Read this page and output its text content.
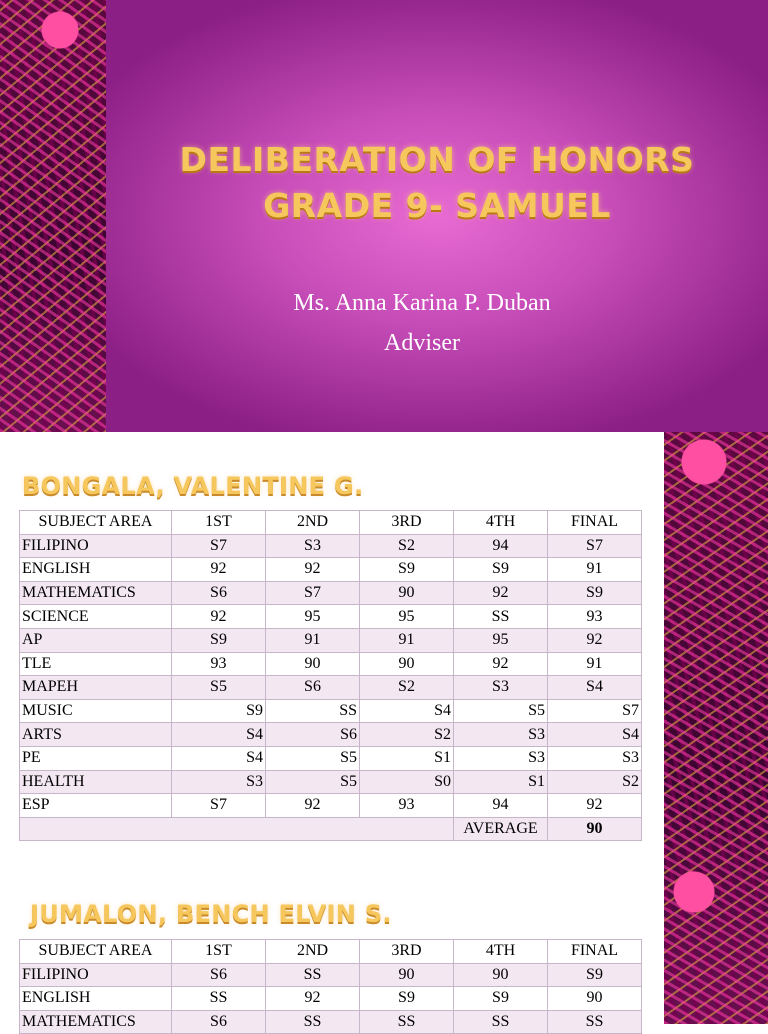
DELIBERATION OF HONORS
GRADE 9- SAMUEL
Ms. Anna Karina P. Duban
Adviser
BONGALA, VALENTINE G.
SUBJECT AREA	1ST	2ND	3RD	4TH	FINAL
FILIPINO	S7	S3	S2	94	S7
ENGLISH	92	92	S9	S9	91
MATHEMATICS	S6	S7	90	92	S9
SCIENCE	92	95	95	SS	93
AP	S9	91	91	95	92
TLE	93	90	90	92	91
MAPEH	S5	S6	S2	S3	S4
MUSIC	S9	SS	S4	S5	S7
ARTS	S4	S6	S2	S3	S4
PE	S4	S5	S1	S3	S3
HEALTH	S3	S5	S0	S1	S2
ESP	S7	92	93	94	92
				AVERAGE	90
JUMALON, BENCH ELVIN S.
SUBJECT AREA	1ST	2ND	3RD	4TH	FINAL
FILIPINO	S6	SS	90	90	S9
ENGLISH	SS	92	S9	S9	90
MATHEMATICS	S6	SS	SS	SS	SS
